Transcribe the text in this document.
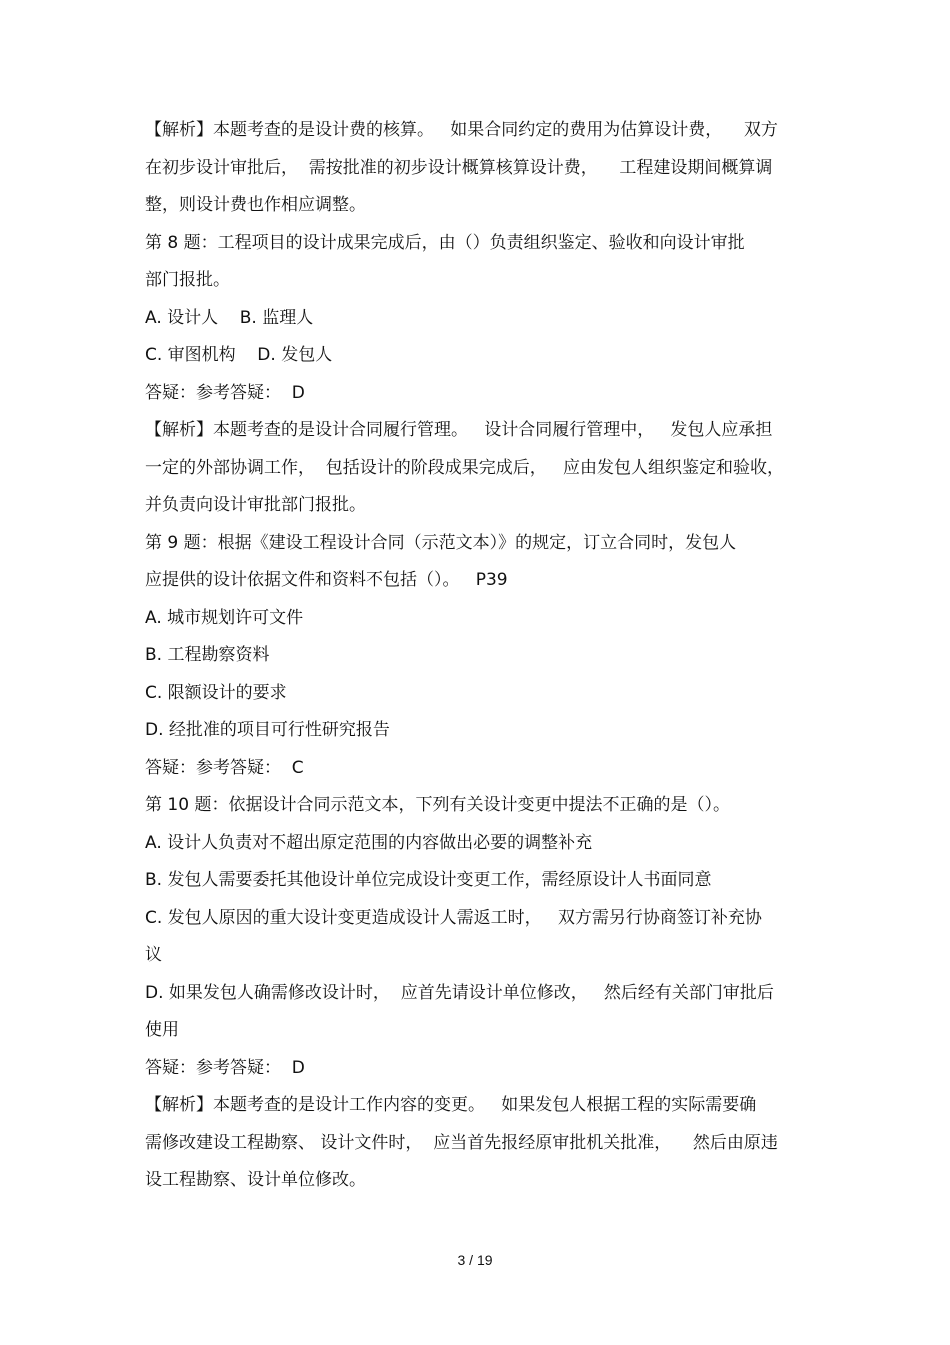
【解析】本题考查的是设计费的核算。   如果合同约定的费用为估算设计费，    双方

在初步设计审批后，  需按批准的初步设计概算核算设计费，    工程建设期间概算调

整，则设计费也作相应调整。

第 8 题：工程项目的设计成果完成后，由（）负责组织鉴定、验收和向设计审批

部门报批。

A. 设计人    B. 监理人

C. 审图机构    D. 发包人

答疑：参考答疑：  D

【解析】本题考查的是设计合同履行管理。   设计合同履行管理中，   发包人应承担

一定的外部协调工作，  包括设计的阶段成果完成后，   应由发包人组织鉴定和验收，

并负责向设计审批部门报批。

第 9 题：根据《建设工程设计合同（示范文本）》的规定，订立合同时，发包人

应提供的设计依据文件和资料不包括（）。   P39

A. 城市规划许可文件

B. 工程勘察资料

C. 限额设计的要求

D. 经批准的项目可行性研究报告

答疑：参考答疑：  C

第 10 题：依据设计合同示范文本，下列有关设计变更中提法不正确的是（）。

A. 设计人负责对不超出原定范围的内容做出必要的调整补充

B. 发包人需要委托其他设计单位完成设计变更工作，需经原设计人书面同意

C. 发包人原因的重大设计变更造成设计人需返工时，   双方需另行协商签订补充协

议

D. 如果发包人确需修改设计时，  应首先请设计单位修改，   然后经有关部门审批后

使用

答疑：参考答疑：  D

【解析】本题考查的是设计工作内容的变更。   如果发包人根据工程的实际需要确

需修改建设工程勘察、 设计文件时，  应当首先报经原审批机关批准，    然后由原违

设工程勘察、设计单位修改。

3 / 19
